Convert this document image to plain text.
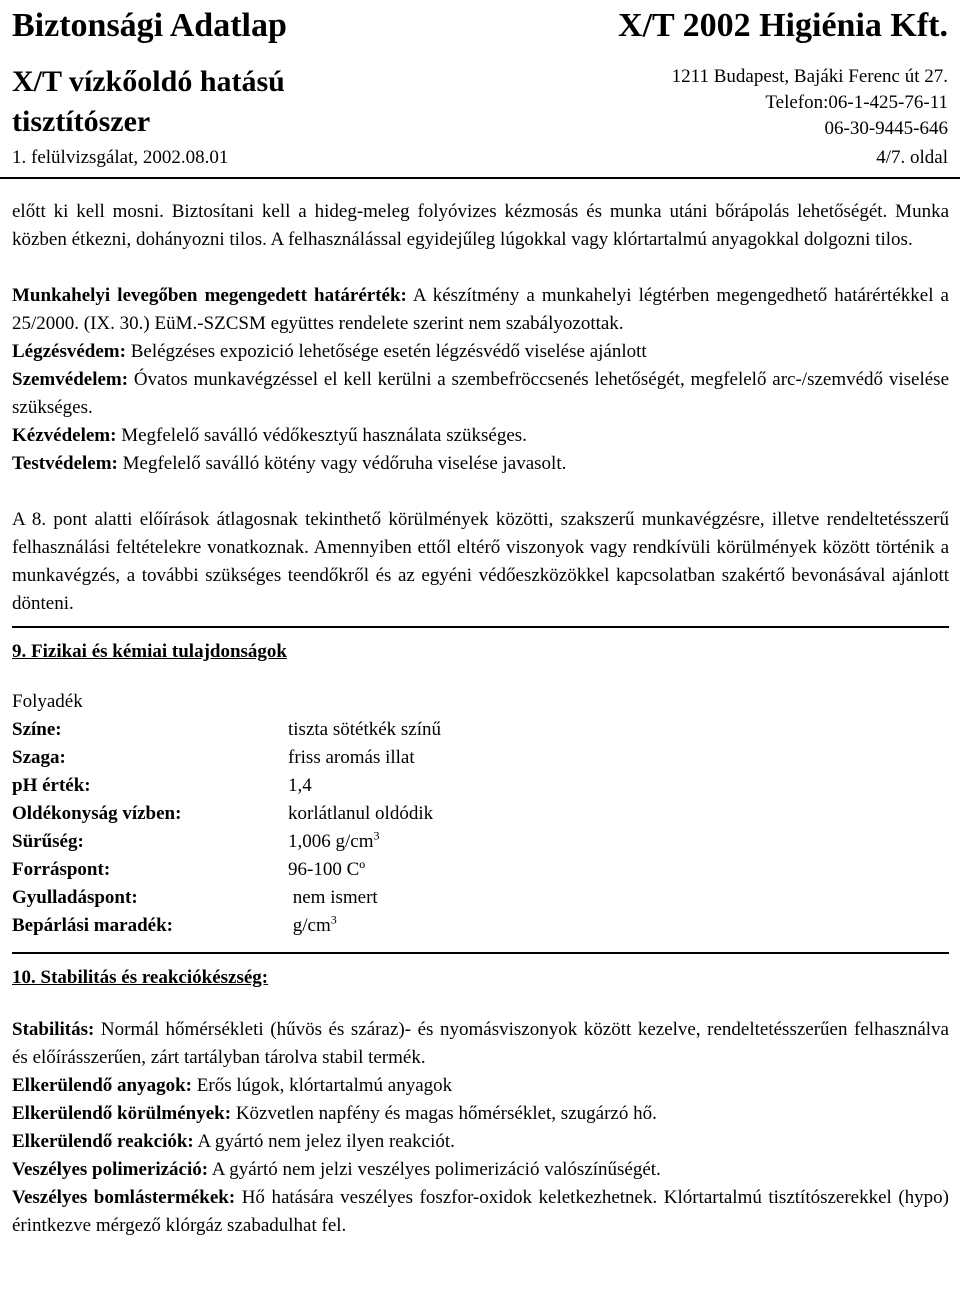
Biztonsági Adatlap	X/T 2002 Higiénia Kft.
X/T vízkőoldó hatású
tisztítószer
1211 Budapest, Bajáki Ferenc út 27.
Telefon:06-1-425-76-11
06-30-9445-646
1. felülvizsgálat, 2002.08.01	4/7. oldal

előtt ki kell mosni. Biztosítani kell a hideg-meleg folyóvizes kézmosás és munka utáni bőrápolás lehetőségét. Munka közben étkezni, dohányozni tilos. A felhasználással egyidejűleg lúgokkal vagy klórtartalmú anyagokkal dolgozni tilos.

Munkahelyi levegőben megengedett határérték: A készítmény a munkahelyi légtérben megengedhető határértékkel a 25/2000. (IX. 30.) EüM.-SZCSM együttes rendelete szerint nem szabályozottak.

Légzésvédem: Belégzéses expozició lehetősége esetén légzésvédő viselése ajánlott

Szemvédelem: Óvatos munkavégzéssel el kell kerülni a szembefröccsenés lehetőségét, megfelelő arc-/szemvédő viselése szükséges.

Kézvédelem: Megfelelő saválló védőkesztyű használata szükséges.

Testvédelem: Megfelelő saválló kötény vagy védőruha viselése javasolt.

A 8. pont alatti előírások átlagosnak tekinthető körülmények közötti, szakszerű munkavégzésre, illetve rendeltetésszerű felhasználási feltételekre vonatkoznak. Amennyiben ettől eltérő viszonyok vagy rendkívüli körülmények között történik a munkavégzés, a további szükséges teendőkről és az egyéni védőeszközökkel kapcsolatban szakértő bevonásával ajánlott dönteni.

9. Fizikai és kémiai tulajdonságok
Folyadék
Színe:	tiszta sötétkék színű
Szaga:	friss aromás illat
pH érték:	1,4
Oldékonyság vízben:	korlátlanul oldódik
Sürűség:	1,006 $g/cm^3$
Forráspont:	96-100 Cº
Gyulladáspont:	nem ismert
Bepárlási maradék:	$g/cm^3$
10. Stabilitás és reakciókészség:

Stabilitás: Normál hőmérsékleti (hűvös és száraz)- és nyomásviszonyok között kezelve, rendeltetésszerűen felhasználva és előírásszerűen, zárt tartályban tárolva stabil termék.

Elkerülendő anyagok: Erős lúgok, klórtartalmú anyagok

Elkerülendő körülmények: Közvetlen napfény és magas hőmérséklet, szugárzó hő.

Elkerülendő reakciók: A gyártó nem jelez ilyen reakciót.

Veszélyes polimerizáció: A gyártó nem jelzi veszélyes polimerizáció valószínűségét.

Veszélyes bomlástermékek: Hő hatására veszélyes foszfor-oxidok keletkezhetnek. Klórtartalmú tisztítószerekkel (hypo) érintkezve mérgező klórgáz szabadulhat fel.
